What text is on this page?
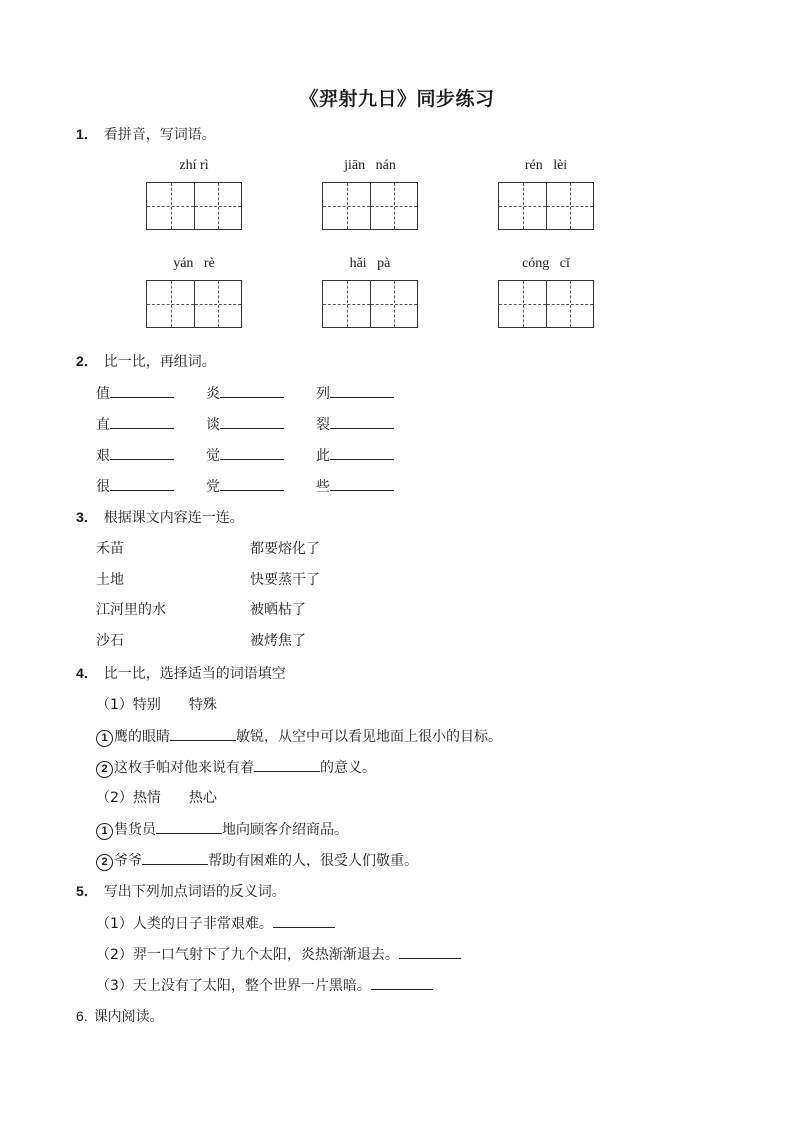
《羿射九日》同步练习
1． 看拼音，写词语。
zhí rì	jiān   nán	rén   lèi
yán   rè	hǎi   pà	cóng   cǐ
2． 比一比，再组词。
值	炎	列
直	谈	裂
艰	觉	此
很	党	些
3． 根据课文内容连一连。
禾苗	都要熔化了
土地	快要蒸干了
江河里的水	被晒枯了
沙石	被烤焦了
4． 比一比，选择适当的词语填空
（1）特别　　特殊
1 鹰的眼睛	敏锐，从空中可以看见地面上很小的目标。
2 这枚手帕对他来说有着	的意义。
（2）热情　　热心
1 售货员	地向顾客介绍商品。
2 爷爷	帮助有困难的人，很受人们敬重。
5． 写出下列加点词语的反义词。
（1）人类的日子非常艰难。
（2）羿一口气射下了九个太阳，炎热渐渐退去。
（3）天上没有了太阳，整个世界一片黑暗。
6. 课内阅读。
